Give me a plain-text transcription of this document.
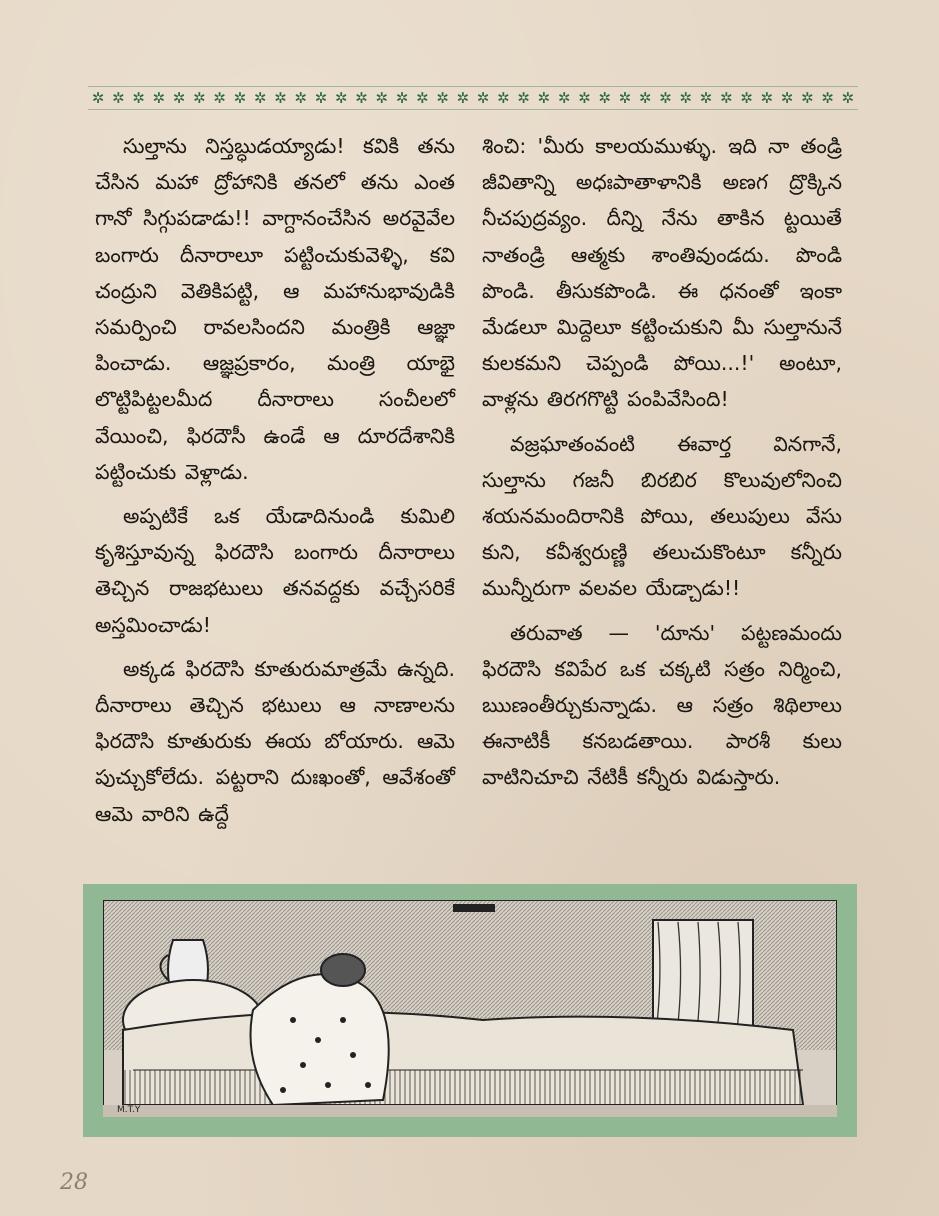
✲ ✲ ✲ ✲ ✲ ✲ ✲ ✲ ✲ ✲ ✲ ✲ ✲ ✲ ✲ ✲ ✲ ✲ ✲ ✲ ✲ ✲ ✲ ✲ ✲ ✲ ✲ ✲ ✲ ✲ ✲ ✲ ✲ ✲ ✲ ✲ ✲ ✲

సుల్తాను నిస్తబ్ధుడయ్యాడు! కవికి తను చేసిన మహా ద్రోహానికి తనలో తను ఎంత గానో సిగ్గుపడాడు!! వాగ్దానంచేసిన అరవైవేల బంగారు దీనారాలూ పట్టించుకువెళ్ళి, కవి చంద్రుని వెతికిపట్టి, ఆ మహానుభావుడికి సమర్పించి రావలసిందని మంత్రికి ఆజ్ఞా పించాడు. ఆజ్ఞప్రకారం, మంత్రి యాభై లొట్టిపిట్టలమీద దీనారాలు సంచీలలో వేయించి, ఫిరదౌసీ ఉండే ఆ దూరదేశానికి పట్టించుకు వెళ్లాడు.

అప్పటికే ఒక యేడాదినుండి కుమిలి కృశిస్తూవున్న ఫిరదౌసి బంగారు దీనారాలు తెచ్చిన రాజభటులు తనవద్దకు వచ్చేసరికే అస్తమించాడు!

అక్కడ ఫిరదౌసి కూతురుమాత్రమే ఉన్నది. దీనారాలు తెచ్చిన భటులు ఆ నాణాలను ఫిరదౌసి కూతురుకు ఈయ బోయారు. ఆమె పుచ్చుకోలేదు. పట్టరాని దుఃఖంతో, ఆవేశంతో ఆమె వారిని ఉద్దే

శించి: 'మీరు కాలయముళ్ళు. ఇది నా తండ్రి జీవితాన్ని అధఃపాతాళానికి అణగ ద్రొక్కిన నీచపుద్రవ్యం. దీన్ని నేను తాకిన ట్టయితే నాతండ్రి ఆత్మకు శాంతివుండదు. పొండి పొండి. తీసుకపొండి. ఈ ధనంతో ఇంకా మేడలూ మిద్దెలూ కట్టించుకుని మీ సుల్తానునే కులకమని చెప్పండి పోయి...!' అంటూ, వాళ్లను తిరగగొట్టి పంపివేసింది!

వజ్రఘాతంవంటి ఈవార్త వినగానే, సుల్తాను గజనీ బిరబిర కొలువులోనించి శయనమందిరానికి పోయి, తలుపులు వేసు కుని, కవీశ్వరుణ్ణి తలుచుకొంటూ కన్నీరు మున్నీరుగా వలవల యేడ్చాడు!!

తరువాత — 'దూను' పట్టణమందు ఫిరదౌసి కవిపేర ఒక చక్కటి సత్రం నిర్మించి, ఋణంతీర్చుకున్నాడు. ఆ సత్రం శిథిలాలు ఈనాటికీ కనబడతాయి. పారశీ కులు వాటినిచూచి నేటికీ కన్నీరు విడుస్తారు.

M.T.Y
28
